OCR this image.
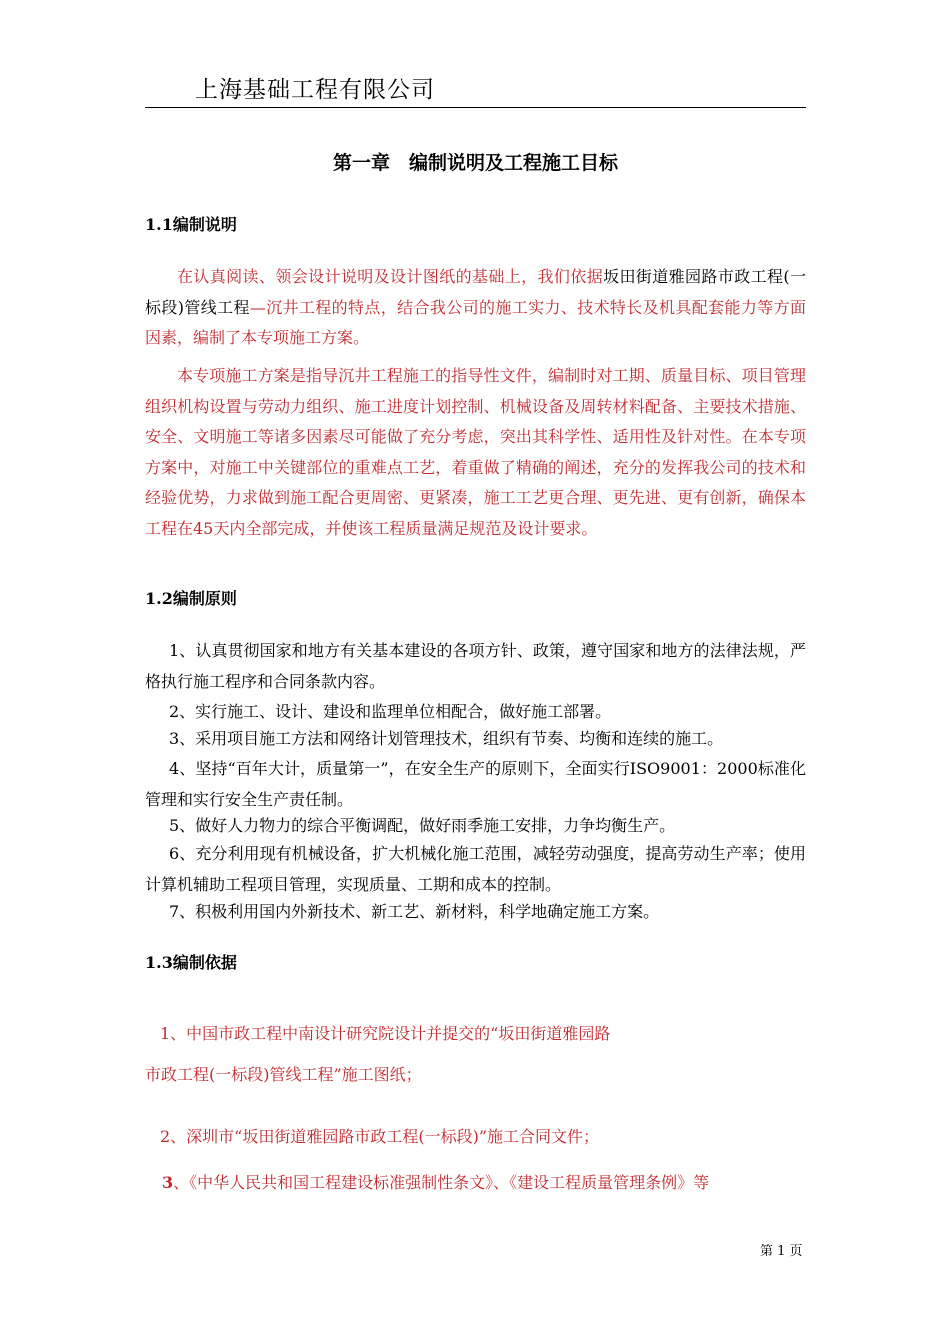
上海基础工程有限公司
第一章　编制说明及工程施工目标
1.1编制说明

在认真阅读、领会设计说明及设计图纸的基础上，我们依据坂田街道雅园路市政工程(一标段)管线工程—沉井工程的特点，结合我公司的施工实力、技术特长及机具配套能力等方面因素，编制了本专项施工方案。

本专项施工方案是指导沉井工程施工的指导性文件，编制时对工期、质量目标、项目管理组织机构设置与劳动力组织、施工进度计划控制、机械设备及周转材料配备、主要技术措施、安全、文明施工等诸多因素尽可能做了充分考虑，突出其科学性、适用性及针对性。在本专项方案中，对施工中关键部位的重难点工艺，着重做了精确的阐述，充分的发挥我公司的技术和经验优势，力求做到施工配合更周密、更紧凑，施工工艺更合理、更先进、更有创新，确保本工程在45天内全部完成，并使该工程质量满足规范及设计要求。

1.2编制原则

1、认真贯彻国家和地方有关基本建设的各项方针、政策，遵守国家和地方的法律法规，严格执行施工程序和合同条款内容。

2、实行施工、设计、建设和监理单位相配合，做好施工部署。

3、采用项目施工方法和网络计划管理技术，组织有节奏、均衡和连续的施工。

4、坚持“百年大计，质量第一”，在安全生产的原则下，全面实行ISO9001：2000标准化管理和实行安全生产责任制。

5、做好人力物力的综合平衡调配，做好雨季施工安排，力争均衡生产。

6、充分利用现有机械设备，扩大机械化施工范围，减轻劳动强度，提高劳动生产率；使用计算机辅助工程项目管理，实现质量、工期和成本的控制。

7、积极利用国内外新技术、新工艺、新材料，科学地确定施工方案。

1.3编制依据
1、中国市政工程中南设计研究院设计并提交的“坂田街道雅园路
市政工程(一标段)管线工程”施工图纸；
2、深圳市“坂田街道雅园路市政工程(一标段)”施工合同文件；
3、《中华人民共和国工程建设标准强制性条文》、《建设工程质量管理条例》等
第 1 页
